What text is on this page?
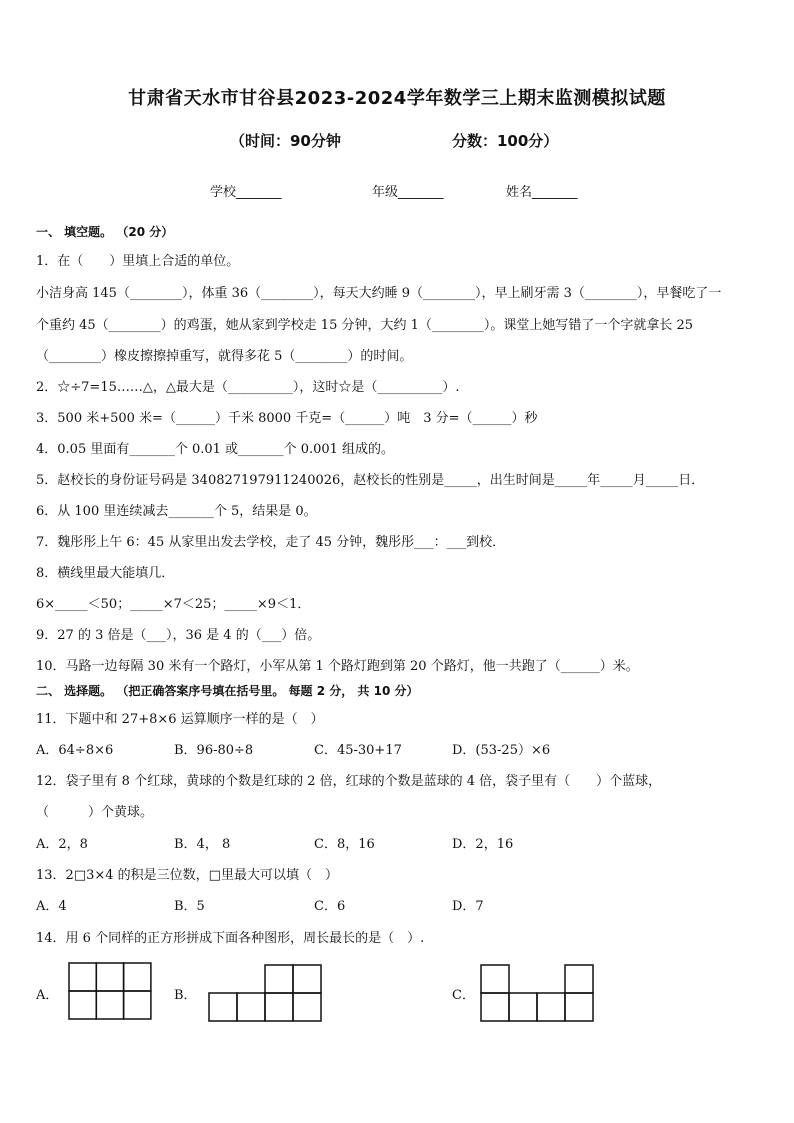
甘肃省天水市甘谷县2023-2024学年数学三上期末监测模拟试题
（时间：90分钟	分数：100分）
学校_______	年级_______	姓名_______
一、 填空题。 （20 分）
1．在（　　）里填上合适的单位。
小洁身高 145（________），体重 36（________），每天大约睡 9（________），早上刷牙需 3（________），早餐吃了一
个重约 45（________）的鸡蛋，她从家到学校走 15 分钟，大约 1（________）。课堂上她写错了一个字就拿长 25
（________）橡皮擦擦掉重写，就得多花 5（________）的时间。
2．☆÷7=15……△，△最大是（__________），这时☆是（__________）.
3．500 米+500 米=（______）千米 8000 千克=（______）吨　3 分=（______）秒
4．0.05 里面有_______个 0.01 或_______个 0.001 组成的。
5．赵校长的身份证号码是 340827197911240026，赵校长的性别是_____，出生时间是_____年_____月_____日．
6．从 100 里连续减去_______个 5，结果是 0。
7．魏彤彤上午 6：45 从家里出发去学校，走了 45 分钟，魏彤彤___：___到校．
8．横线里最大能填几．
6×_____＜50；_____×7＜25；_____×9＜1．
9．27 的 3 倍是（___），36 是 4 的（___）倍。
10．马路一边每隔 30 米有一个路灯，小军从第 1 个路灯跑到第 20 个路灯，他一共跑了（______）米。
二、 选择题。 （把正确答案序号填在括号里。 每题 2 分， 共 10 分）
11．下题中和 27+8×6 运算顺序一样的是（　）
A．64÷8×6	B．96-80÷8	C．45-30+17	D．(53-25）×6
12．袋子里有 8 个红球，黄球的个数是红球的 2 倍，红球的个数是蓝球的 4 倍，袋子里有（　　）个蓝球，
（　　　）个黄球。
A．2，8	B．4， 8	C．8，16	D．2，16
13．2□3×4 的积是三位数，□里最大可以填（　）
A．4	B．5	C．6	D．7
14．用 6 个同样的正方形拼成下面各种图形，周长最长的是（　）.
A．	B．	C．
